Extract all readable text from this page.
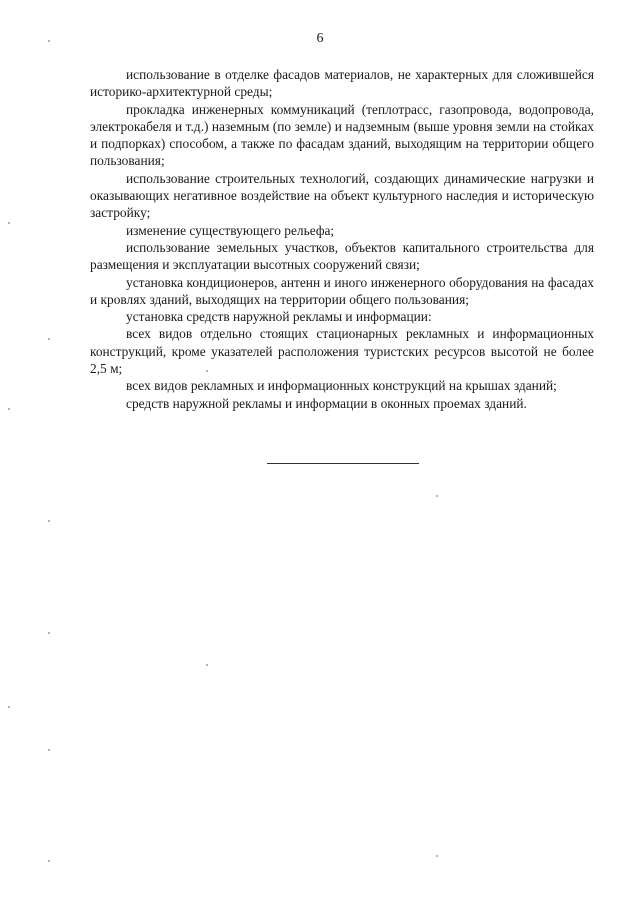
6

использование в отделке фасадов материалов, не характерных для сложившейся историко-архитектурной среды;

прокладка инженерных коммуникаций (теплотрасс, газопровода, водопровода, электрокабеля и т.д.) наземным (по земле) и надземным (выше уровня земли на стойках и подпорках) способом, а также по фасадам зданий, выходящим на территории общего пользования;

использование строительных технологий, создающих динамические нагрузки и оказывающих негативное воздействие на объект культурного наследия и историческую застройку;

изменение существующего рельефа;

использование земельных участков, объектов капитального строительства для размещения и эксплуатации высотных сооружений связи;

установка кондиционеров, антенн и иного инженерного оборудования на фасадах и кровлях зданий, выходящих на территории общего пользования;

установка средств наружной рекламы и информации:

всех видов отдельно стоящих стационарных рекламных и информационных конструкций, кроме указателей расположения туристских ресурсов высотой не более 2,5 м;

всех видов рекламных и информационных конструкций на крышах зданий;

средств наружной рекламы и информации в оконных проемах зданий.
